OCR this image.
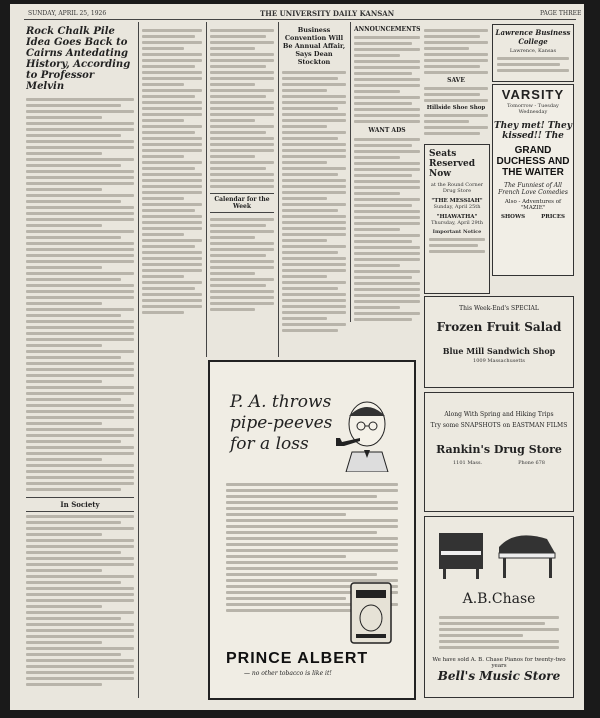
SUNDAY, APRIL 25, 1926	THE UNIVERSITY DAILY KANSAN	PAGE THREE
Rock Chalk Pile Idea Goes Back to Cairns Antedating History, According to Professor Melvin
In Society
Calendar for the Week
Business Convention Will Be Annual Affair, Says Dean Stockton
ANNOUNCEMENTS
WANT ADS
SAVE
Hillside Shoe Shop
Lawrence Business College
Lawrence, Kansas
VARSITY
Tomorrow - Tuesday Wednesday
They met! They kissed!! The
GRAND DUCHESS AND THE WAITER
The Funniest of All French Love Comedies
Also - Adventures of "MAZIE"
SHOWS	PRICES
Seats Reserved Now
at the Round Corner Drug Store
"THE MESSIAH"
Sunday, April 25th
"HIAWATHA"
Thursday, April 29th
Important Notice
P. A. throws
pipe-peeves
for a loss
PRINCE ALBERT
— no other tobacco is like it!
This Week-End's SPECIAL
Frozen Fruit Salad
Blue Mill Sandwich Shop
1009 Massachusetts
Along With Spring and Hiking Trips
Try some SNAPSHOTS on EASTMAN FILMS
Rankin's Drug Store
1101 Mass.	Phone 678
A.B.Chase
We have sold A. B. Chase Pianos for twenty-two years
Bell's Music Store
